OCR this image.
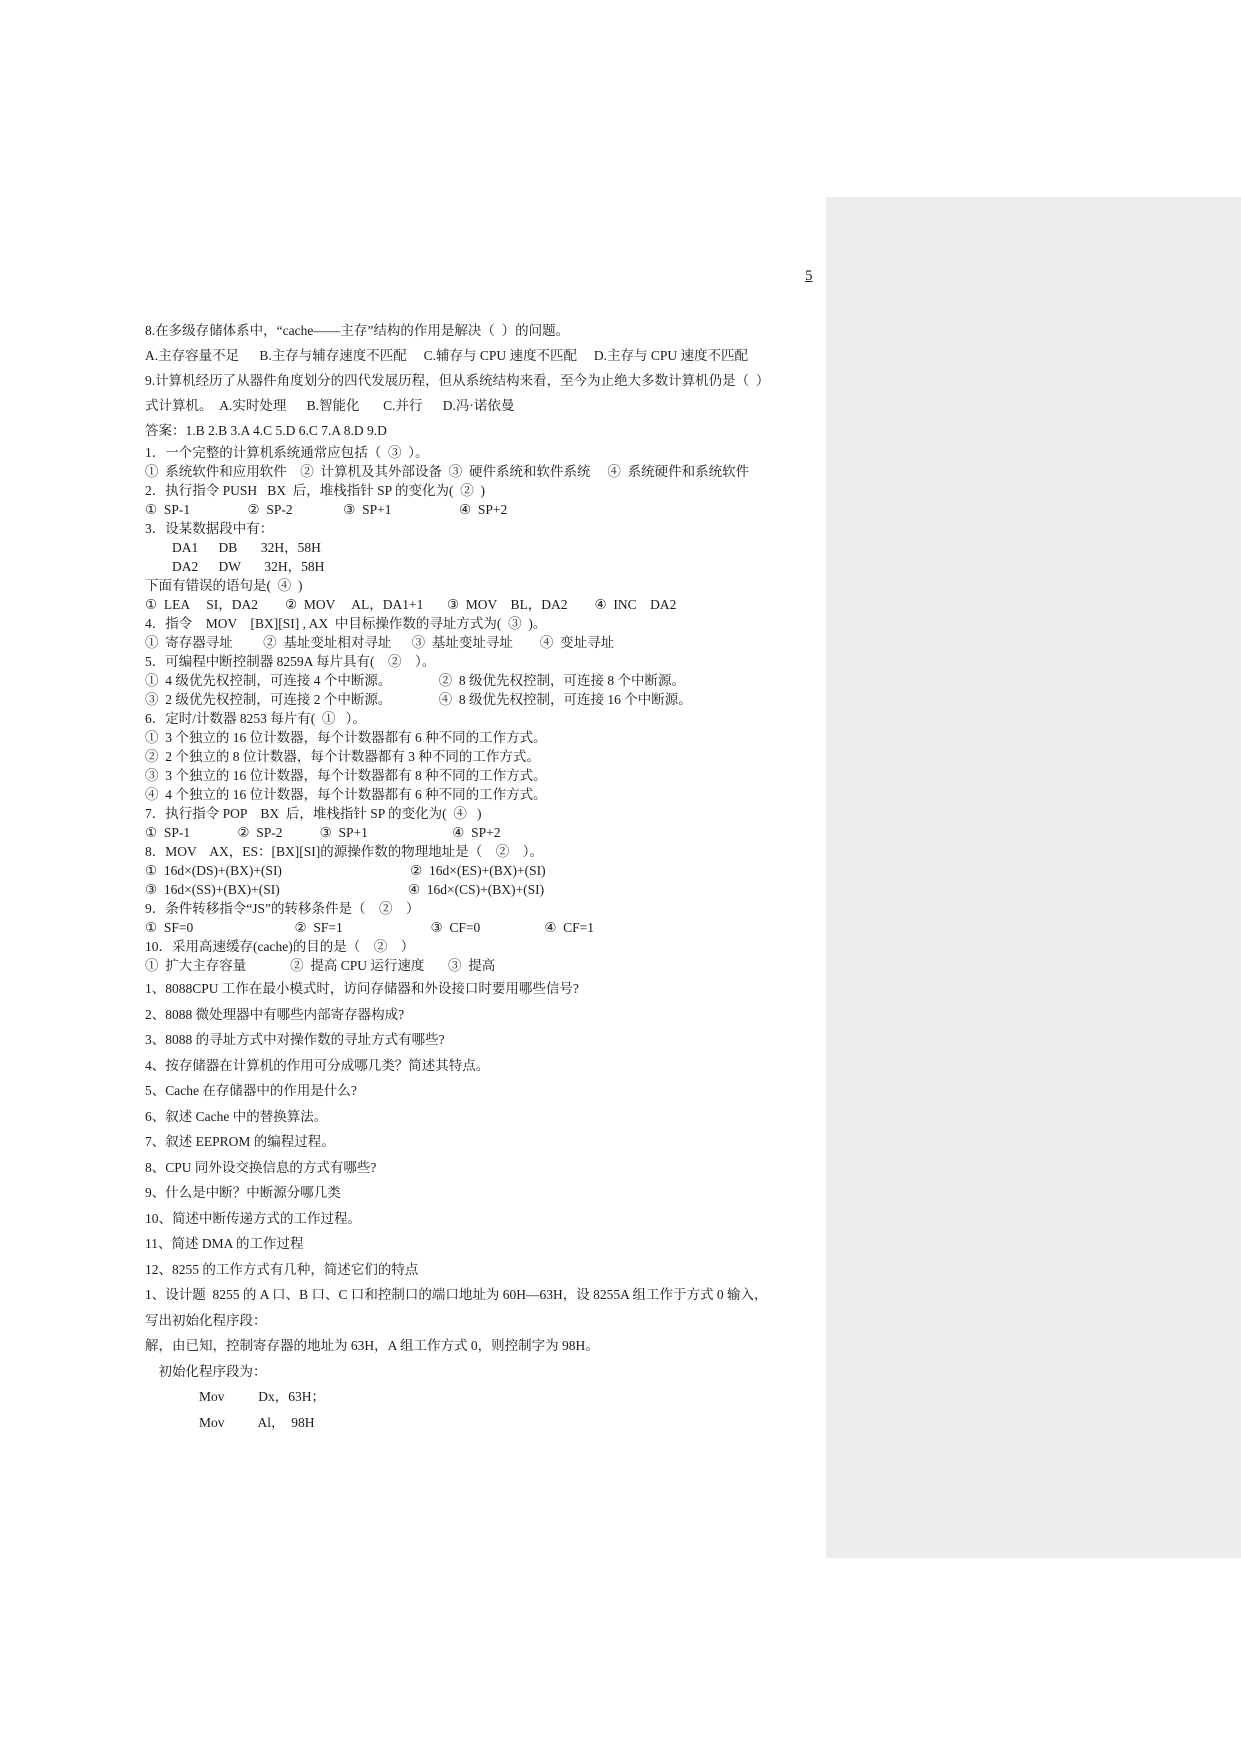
5
8.在多级存储体系中，“cache——主存”结构的作用是解决（  ）的问题。
A.主存容量不足      B.主存与辅存速度不匹配     C.辅存与 CPU 速度不匹配     D.主存与 CPU 速度不匹配
9.计算机经历了从器件角度划分的四代发展历程，但从系统结构来看，至今为止绝大多数计算机仍是（  ）
式计算机。  A.实时处理      B.智能化       C.并行      D.冯·诺依曼
答案：1.B 2.B 3.A 4.C 5.D 6.C 7.A 8.D 9.D
1．一个完整的计算机系统通常应包括（  ③  ）。
①  系统软件和应用软件    ②  计算机及其外部设备  ③  硬件系统和软件系统     ④  系统硬件和系统软件
2．执行指令 PUSH   BX  后，堆栈指针 SP 的变化为(  ②  )
①  SP-1                 ②  SP-2               ③  SP+1                    ④  SP+2
3．设某数据段中有：
DA1      DB       32H，58H
DA2      DW       32H，58H
下面有错误的语句是(  ④  )
①  LEA     SI，DA2        ②  MOV     AL，DA1+1       ③  MOV    BL，DA2        ④  INC    DA2
4．指令    MOV    [BX][SI] , AX  中目标操作数的寻址方式为(  ③  )。
①  寄存器寻址         ②  基址变址相对寻址      ③  基址变址寻址        ④  变址寻址
5．可编程中断控制器 8259A 每片具有(    ②    ）。
①  4 级优先权控制，可连接 4 个中断源。              ②  8 级优先权控制，可连接 8 个中断源。
③  2 级优先权控制，可连接 2 个中断源。              ④  8 级优先权控制，可连接 16 个中断源。
6．定时/计数器 8253 每片有(  ①   ）。
①  3 个独立的 16 位计数器，每个计数器都有 6 种不同的工作方式。
②  2 个独立的 8 位计数器，每个计数器都有 3 种不同的工作方式。
③  3 个独立的 16 位计数器，每个计数器都有 8 种不同的工作方式。
④  4 个独立的 16 位计数器，每个计数器都有 6 种不同的工作方式。
7．执行指令 POP    BX  后，堆栈指针 SP 的变化为(  ④   )
①  SP-1              ②  SP-2           ③  SP+1                         ④  SP+2
8．MOV    AX，ES：[BX][SI]的源操作数的物理地址是（    ②    ）。
①  16d×(DS)+(BX)+(SI)                                      ②  16d×(ES)+(BX)+(SI)
③  16d×(SS)+(BX)+(SI)                                      ④  16d×(CS)+(BX)+(SI)
9．条件转移指令“JS”的转移条件是（    ②    ）
①  SF=0                              ②  SF=1                          ③  CF=0                   ④  CF=1
10．采用高速缓存(cache)的目的是（    ②    ）
①  扩大主存容量             ②  提高 CPU 运行速度       ③  提高
1、8088CPU 工作在最小模式时，访问存储器和外设接口时要用哪些信号?
2、8088 微处理器中有哪些内部寄存器构成?
3、8088 的寻址方式中对操作数的寻址方式有哪些?
4、按存储器在计算机的作用可分成哪几类？简述其特点。
5、Cache 在存储器中的作用是什么?
6、叙述 Cache 中的替换算法。
7、叙述 EEPROM 的编程过程。
8、CPU 同外设交换信息的方式有哪些?
9、什么是中断？中断源分哪几类
10、简述中断传递方式的工作过程。
11、简述 DMA 的工作过程
12、8255 的工作方式有几种，简述它们的特点
1、设计题  8255 的 A 口、B 口、C 口和控制口的端口地址为 60H—63H，设 8255A 组工作于方式 0 输入，
写出初始化程序段：
解，由已知，控制寄存器的地址为 63H，A 组工作方式 0，则控制字为 98H。
初始化程序段为：
Mov          Dx，63H；
Mov          Al，  98H
